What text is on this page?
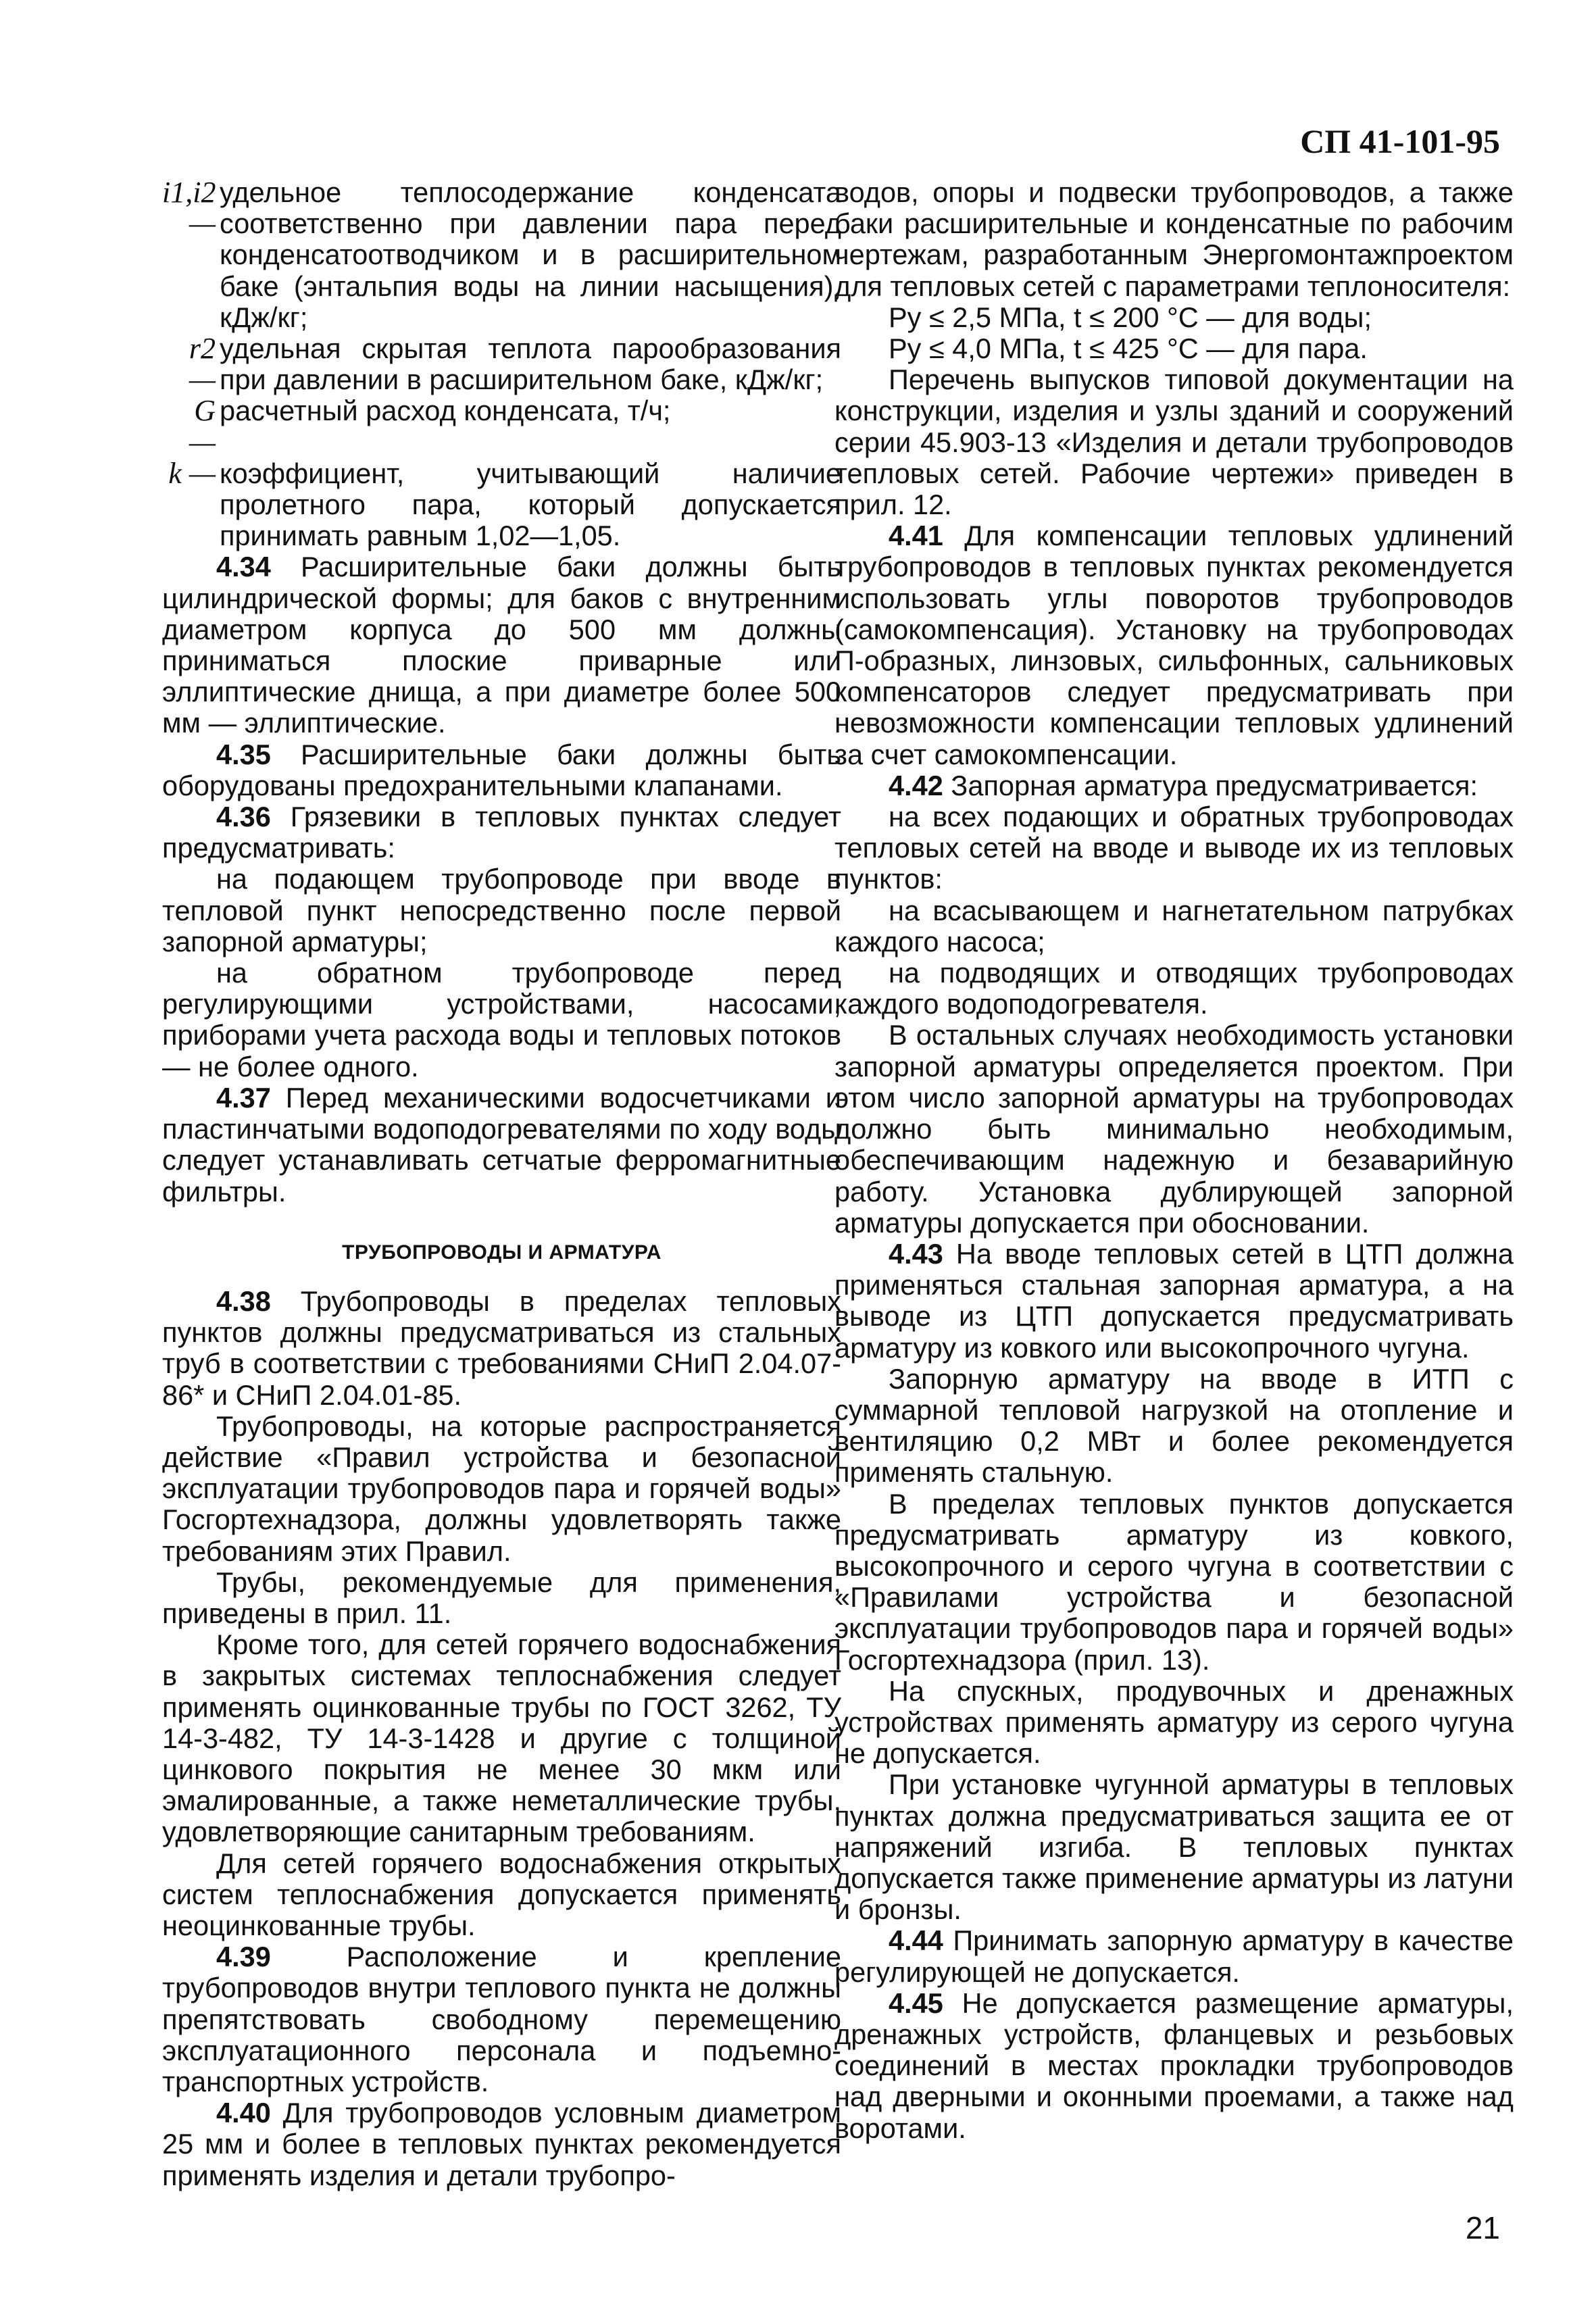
СП 41-101-95
i1,i2 —
удельное теплосодержание конденсата соответственно при давлении пара перед конденсатоотводчиком и в расширительном баке (энтальпия воды на линии насыщения), кДж/кг;
r2 —
удельная скрытая теплота парообразования при давлении в расширительном баке, кДж/кг;
G —
расчетный расход конденсата, т/ч;
k — коэффициент, учитывающий наличие пролетного пара, который допускается принимать равным 1,02—1,05.

4.34 Расширительные баки должны быть цилиндрической формы; для баков с внутренним диаметром корпуса до 500 мм должны приниматься плоские приварные или эллиптические днища, а при диаметре более 500 мм — эллиптические.

4.35 Расширительные баки должны быть оборудованы предохранительными клапанами.

4.36 Грязевики в тепловых пунктах следует предусматривать:

на подающем трубопроводе при вводе в тепловой пункт непосредственно после первой запорной арматуры;

на обратном трубопроводе перед регулирующими устройствами, насосами, приборами учета расхода воды и тепловых потоков — не более одного.

4.37 Перед механическими водосчетчиками и пластинчатыми водоподогревателями по ходу воды следует устанавливать сетчатые ферромагнитные фильтры.

ТРУБОПРОВОДЫ И АРМАТУРА

4.38 Трубопроводы в пределах тепловых пунктов должны предусматриваться из стальных труб в соответствии с требованиями СНиП 2.04.07-86* и СНиП 2.04.01-85.

Трубопроводы, на которые распространяется действие «Правил устройства и безопасной эксплуатации трубопроводов пара и горячей воды» Госгортехнадзора, должны удовлетворять также требованиям этих Правил.

Трубы, рекомендуемые для применения, приведены в прил. 11.

Кроме того, для сетей горячего водоснабжения в закрытых системах теплоснабжения следует применять оцинкованные трубы по ГОСТ 3262, ТУ 14-3-482, ТУ 14-3-1428 и другие с толщиной цинкового покрытия не менее 30 мкм или эмалированные, а также неметаллические трубы, удовлетворяющие санитарным требованиям.

Для сетей горячего водоснабжения открытых систем теплоснабжения допускается применять неоцинкованные трубы.

4.39 Расположение и крепление трубопроводов внутри теплового пункта не должны препятствовать свободному перемещению эксплуатационного персонала и подъемно-транспортных устройств.

4.40 Для трубопроводов условным диаметром 25 мм и более в тепловых пунктах рекомендуется применять изделия и детали трубопро-

водов, опоры и подвески трубопроводов, а также баки расширительные и конденсатные по рабочим чертежам, разработанным Энергомонтажпроектом для тепловых сетей с параметрами теплоносителя:

Py ≤ 2,5 МПа, t ≤ 200 °С — для воды;

Py ≤ 4,0 МПа, t ≤ 425 °С — для пара.

Перечень выпусков типовой документации на конструкции, изделия и узлы зданий и сооружений серии 45.903-13 «Изделия и детали трубопроводов тепловых сетей. Рабочие чертежи» приведен в прил. 12.

4.41 Для компенсации тепловых удлинений трубопроводов в тепловых пунктах рекомендуется использовать углы поворотов трубопроводов (самокомпенсация). Установку на трубопроводах П-образных, линзовых, сильфонных, сальниковых компенсаторов следует предусматривать при невозможности компенсации тепловых удлинений за счет самокомпенсации.

4.42 Запорная арматура предусматривается:

на всех подающих и обратных трубопроводах тепловых сетей на вводе и выводе их из тепловых пунктов:

на всасывающем и нагнетательном патрубках каждого насоса;

на подводящих и отводящих трубопроводах каждого водоподогревателя.

В остальных случаях необходимость установки запорной арматуры определяется проектом. При этом число запорной арматуры на трубопроводах должно быть минимально необходимым, обеспечивающим надежную и безаварийную работу. Установка дублирующей запорной арматуры допускается при обосновании.

4.43 На вводе тепловых сетей в ЦТП должна применяться стальная запорная арматура, а на выводе из ЦТП допускается предусматривать арматуру из ковкого или высокопрочного чугуна.

Запорную арматуру на вводе в ИТП с суммарной тепловой нагрузкой на отопление и вентиляцию 0,2 МВт и более рекомендуется применять стальную.

В пределах тепловых пунктов допускается предусматривать арматуру из ковкого, высокопрочного и серого чугуна в соответствии с «Правилами устройства и безопасной эксплуатации трубопроводов пара и горячей воды» Госгортехнадзора (прил. 13).

На спускных, продувочных и дренажных устройствах применять арматуру из серого чугуна не допускается.

При установке чугунной арматуры в тепловых пунктах должна предусматриваться защита ее от напряжений изгиба. В тепловых пунктах допускается также применение арматуры из латуни и бронзы.

4.44 Принимать запорную арматуру в качестве регулирующей не допускается.

4.45 Не допускается размещение арматуры, дренажных устройств, фланцевых и резьбовых соединений в местах прокладки трубопроводов над дверными и оконными проемами, а также над воротами.

21
